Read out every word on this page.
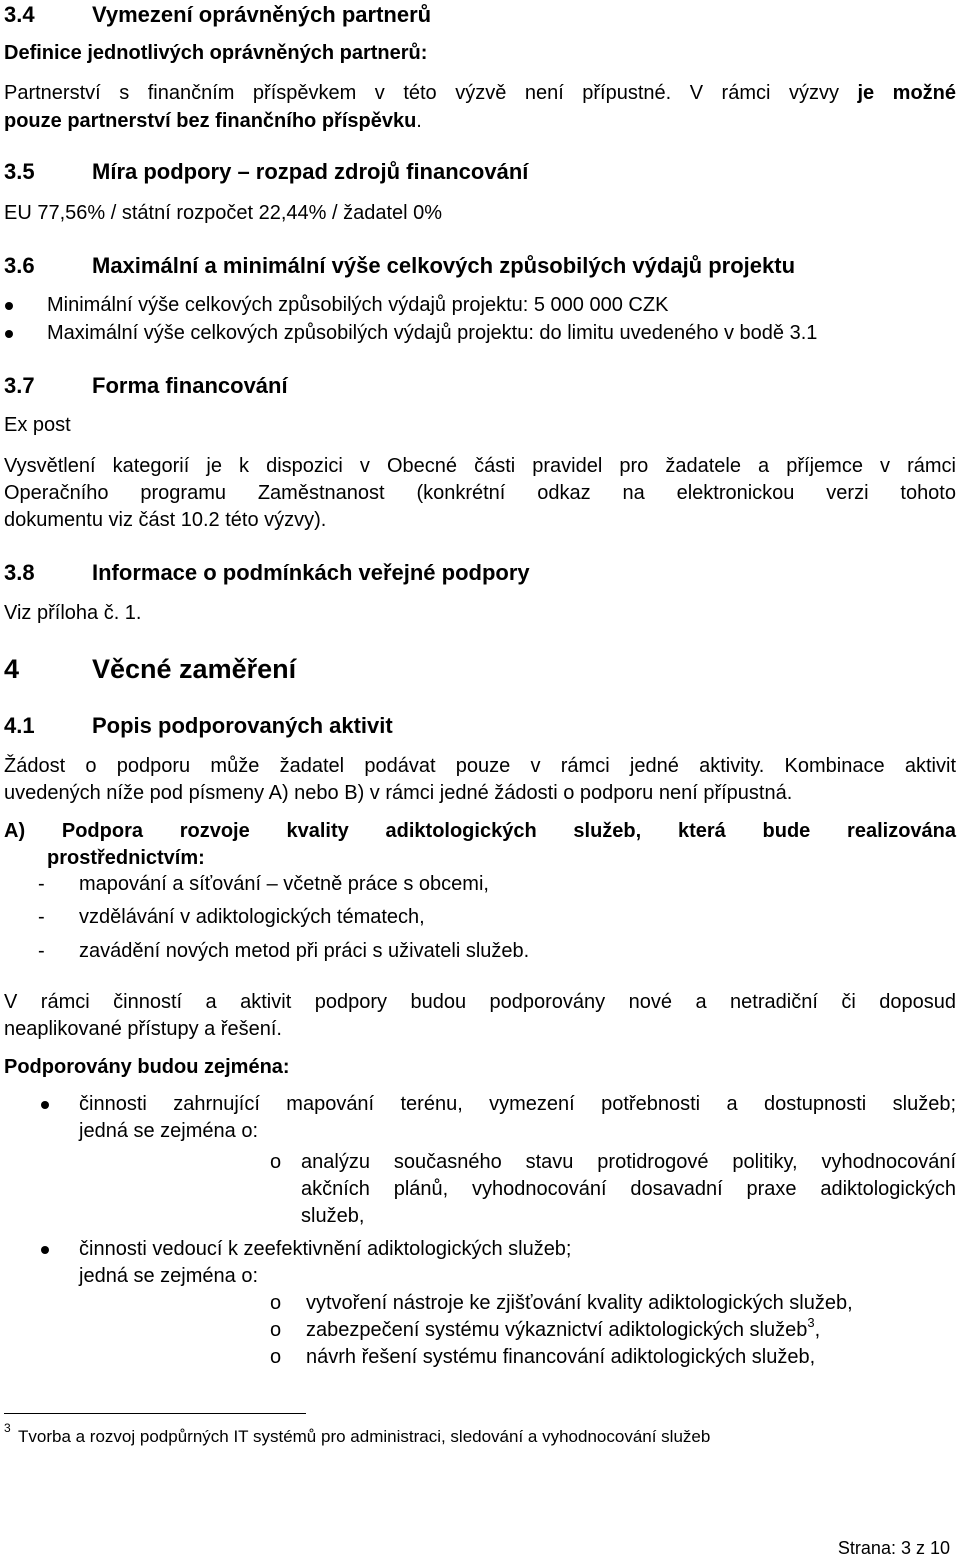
3.4	Vymezení oprávněných partnerů
Definice jednotlivých oprávněných partnerů:
Partnerství s finančním příspěvkem v této výzvě není přípustné. V rámci výzvy je možné
pouze partnerství bez finančního příspěvku.
3.5	Míra podpory – rozpad zdrojů financování
EU 77,56% / státní rozpočet 22,44% / žadatel 0%
3.6	Maximální a minimální výše celkových způsobilých výdajů projektu
Minimální výše celkových způsobilých výdajů projektu: 5 000 000 CZK
Maximální výše celkových způsobilých výdajů projektu: do limitu uvedeného v bodě 3.1
3.7	Forma financování
Ex post
Vysvětlení kategorií je k dispozici v Obecné části pravidel pro žadatele a příjemce v rámci
Operačního programu Zaměstnanost (konkrétní odkaz na elektronickou verzi tohoto
dokumentu viz část 10.2 této výzvy).
3.8	Informace o podmínkách veřejné podpory
Viz příloha č. 1.
4	Věcné zaměření
4.1	Popis podporovaných aktivit
Žádost o podporu může žadatel podávat pouze v rámci jedné aktivity. Kombinace aktivit
uvedených níže pod písmeny A) nebo B) v rámci jedné žádosti o podporu není přípustná.
A) Podpora rozvoje kvality adiktologických služeb, která bude realizována
prostřednictvím:
- mapování a síťování – včetně práce s obcemi,
- vzdělávání v adiktologických tématech,
- zavádění nových metod při práci s uživateli služeb.
V rámci činností a aktivit podpory budou podporovány nové a netradiční či doposud
neaplikované přístupy a řešení.
Podporovány budou zejména:
činnosti zahrnující mapování terénu, vymezení potřebnosti a dostupnosti služeb;
jedná se zejména o:
o analýzu současného stavu protidrogové politiky, vyhodnocování
akčních plánů, vyhodnocování dosavadní praxe adiktologických
služeb,
činnosti vedoucí k zeefektivnění adiktologických služeb;
jedná se zejména o:
o vytvoření nástroje ke zjišťování kvality adiktologických služeb,
o zabezpečení systému výkaznictví adiktologických služeb$^3$,
o návrh řešení systému financování adiktologických služeb,
3 Tvorba a rozvoj podpůrných IT systémů pro administraci, sledování a vyhodnocování služeb
Strana: 3 z 10
